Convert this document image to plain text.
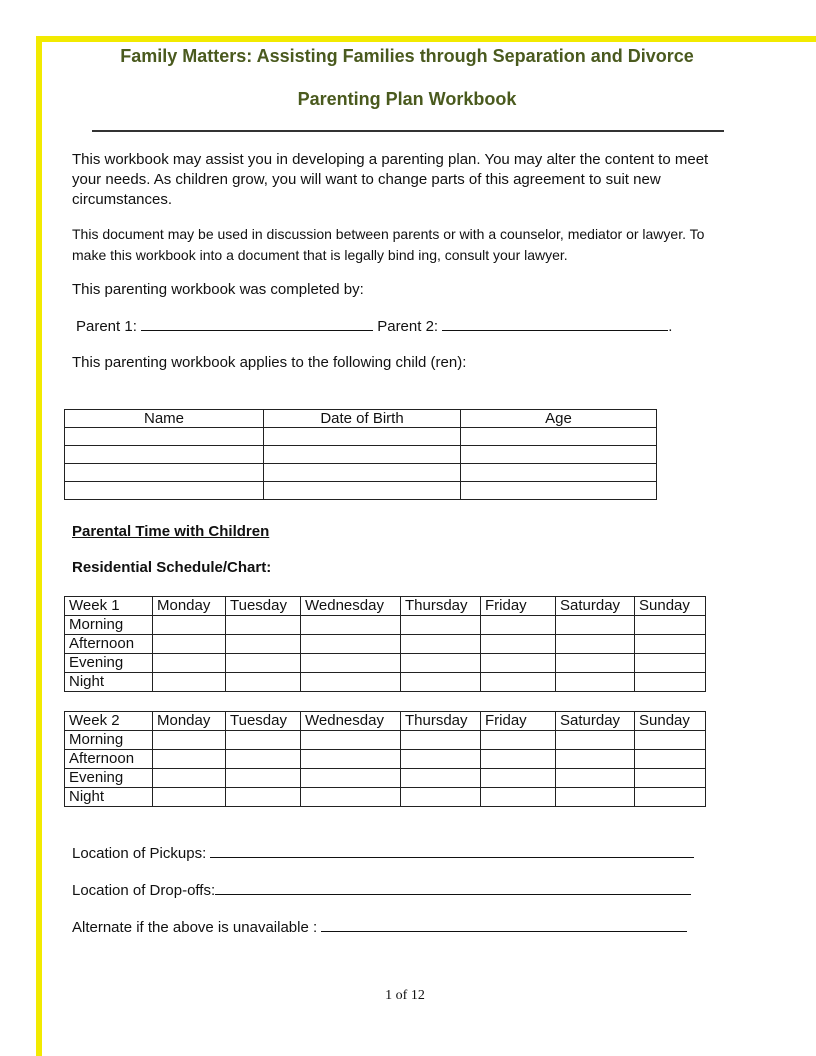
Family Matters: Assisting Families through Separation and Divorce
Parenting Plan Workbook
This workbook may assist you in developing a parenting plan. You may alter the content to meet your needs. As children grow, you will want to change parts of this agreement to suit new circumstances.
This document may be used in discussion between parents or with a counselor, mediator or lawyer. To make this workbook into a document that is legally bind ing, consult your lawyer.
This parenting workbook was completed by:
Parent 1:	Parent 2:	.
This parenting workbook applies to the following child (ren):
Name	Date of Birth	Age

Parental Time with Children
Residential Schedule/Chart:
Week 1	Monday	Tuesday	Wednesday	Thursday	Friday	Saturday	Sunday
Morning							
Afternoon							
Evening							
Night							
Week 2	Monday	Tuesday	Wednesday	Thursday	Friday	Saturday	Sunday
Morning							
Afternoon							
Evening							
Night							
Location of Pickups:
Location of Drop-offs:
Alternate if the above is unavailable :
1 of 12
